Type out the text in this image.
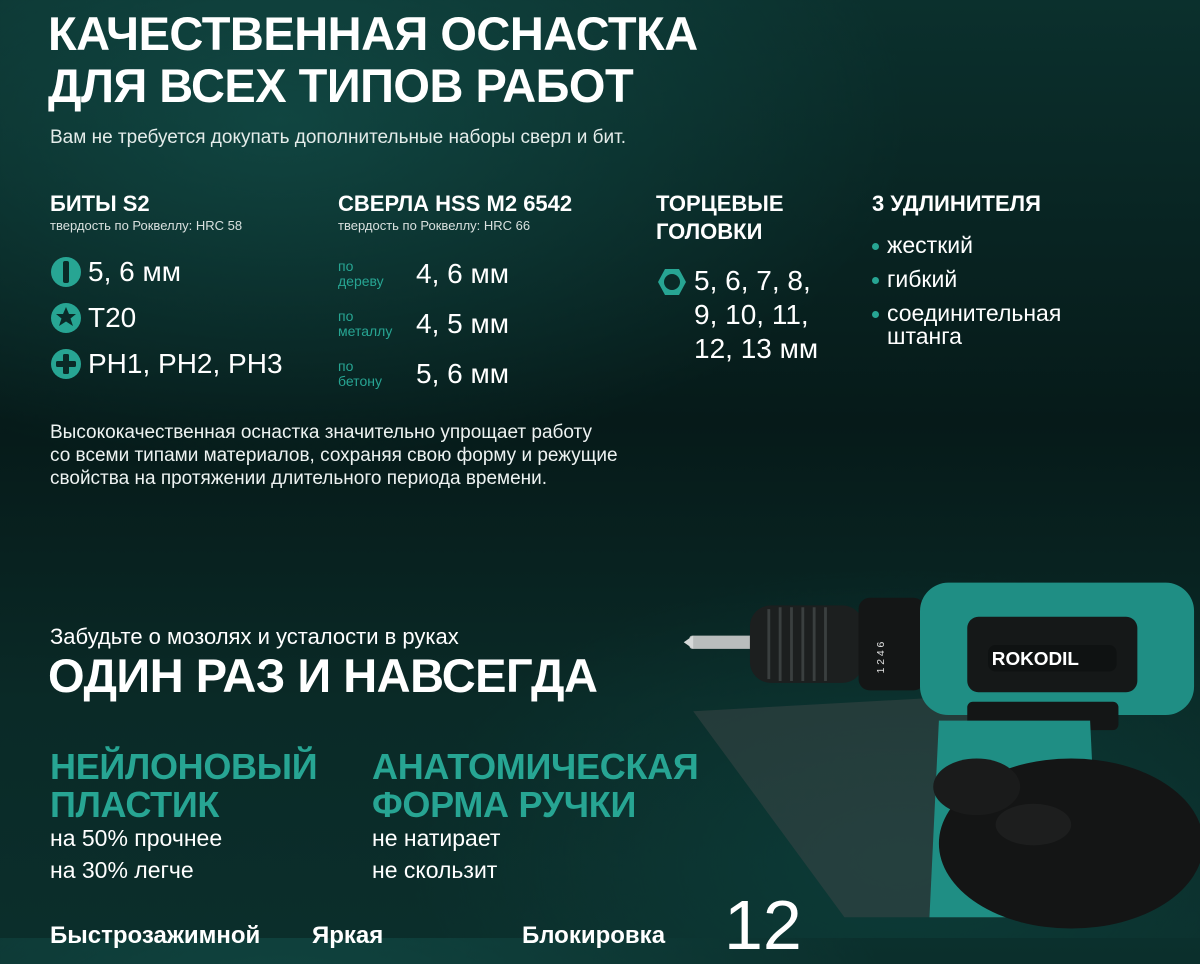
КАЧЕСТВЕННАЯ ОСНАСТКА
ДЛЯ ВСЕХ ТИПОВ РАБОТ
Вам не требуется докупать дополнительные наборы сверл и бит.
БИТЫ S2
твердость по Роквеллу: HRC 58
5, 6 мм
T20
PH1, PH2, PH3
СВЕРЛА HSS M2 6542
твердость по Роквеллу: HRC 66
по
дереву	4, 6 мм
по
металлу 4, 5 мм
по
бетону	5, 6 мм
ТОРЦЕВЫЕ
ГОЛОВКИ
5, 6, 7, 8,
9, 10, 11,
12, 13 мм
3 УДЛИНИТЕЛЯ
жесткий
гибкий
соединительная штанга
Высококачественная оснастка значительно упрощает работу
со всеми типами материалов, сохраняя свою форму и режущие
свойства на протяжении длительного периода времени.
1 2 4 6	ROKODIL
Забудьте о мозолях и усталости в руках
ОДИН РАЗ И НАВСЕГДА
НЕЙЛОНОВЫЙ
ПЛАСТИК
на 50% прочнее
на 30% легче
АНАТОМИЧЕСКАЯ
ФОРМА РУЧКИ
не натирает
не скользит
Быстрозажимной Яркая	Блокировка 12
